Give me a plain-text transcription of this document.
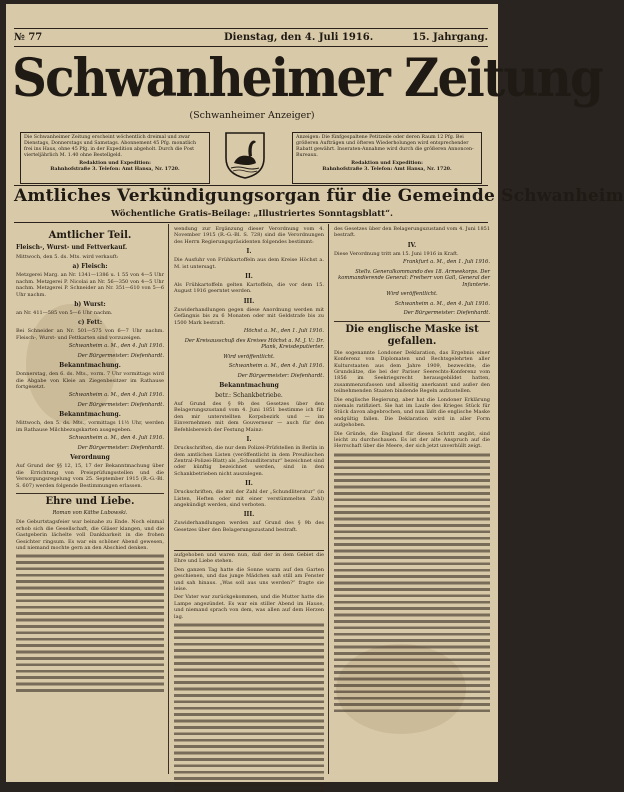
№ 77	Dienstag, den 4. Juli 1916.	15. Jahrgang.
Schwanheimer Zeitung
(Schwanheimer Anzeiger)
Die Schwanheimer Zeitung erscheint wöchentlich dreimal und zwar Dienstags, Donnerstags und Samstags. Abonnement 45 Pfg. monatlich frei ins Haus, ohne 45 Pfg. in der Expedition abgeholt. Durch die Post vierteljährlich M. 1.40 ohne Bestellgeld.
Redaktion und Expedition:
Bahnhofstraße 3. Telefon: Amt Hansa, Nr. 1720.
Anzeigen: Die fünfgespaltene Petitzeile oder deren Raum 12 Pfg. Bei größeren Aufträgen und öfteren Wiederholungen wird entsprechender Rabatt gewährt. Inseraten-Annahme wird durch die größeren Annoncen-Bureaux.
Redaktion und Expedition:
Bahnhofstraße 3. Telefon: Amt Hansa, Nr. 1720.
Amtliches Verkündigungsorgan für die Gemeinde Schwanheim
Wöchentliche Gratis-Beilage: „Illustriertes Sonntagsblatt“.
Amtlicher Teil.
Fleisch-, Wurst- und Fettverkauf.

Mittwoch, den 5. ds. Mts. wird verkauft:

a) Fleisch:

Metzgerei Marg. an Nr. 1341—1386 u. 1 55 von 4—5 Uhr nachm. Metzgerei P. Nicolai an Nr. 56—350 von 4—5 Uhr nachm. Metzgerei P. Schneider an Nr. 351—610 von 5—6 Uhr nachm.

b) Wurst:

an Nr. 411—585 von 5—6 Uhr nachm.

c) Fett:

Bei Schneider an Nr. 501—575 von 6—7 Uhr nachm. Fleisch-, Wurst- und Fettkarten sind vorzuzeigen.

Schwanheim a. M., den 4. Juli 1916.
Der Bürgermeister: Diefenhardt.
Bekanntmachung.

Donnerstag, den 6. ds. Mts., vorm. 7 Uhr vormittags wird die Abgabe von Kleie an Ziegenbesitzer im Rathause fortgesetzt.

Schwanheim a. M., den 4. Juli 1916.
Der Bürgermeister: Diefenhardt.
Bekanntmachung.

Mittwoch, den 5. ds. Mts., vormittags 11½ Uhr, werden im Rathause Milchbezugskarten ausgegeben.

Schwanheim a. M., den 4. Juli 1916.
Der Bürgermeister: Diefenhardt.
Verordnung

Auf Grund der §§ 12, 15, 17 der Bekanntmachung über die Errichtung von Preisprüfungsstellen und die Versorgungsregelung vom 25. September 1915 (R.-G.-Bl. S. 607) werden folgende Bestimmungen erlassen.

Ehre und Liebe.
Roman von Käthe Lubowski.

Die Geburtstagsfeier war beinahe zu Ende. Noch einmal erhob sich die Gesellschaft, die Gläser klangen, und die Gastgeberin lächelte voll Dankbarkeit in die frohen Gesichter ringsum. Es war ein schöner Abend gewesen, und niemand mochte gern an den Abschied denken.

wendung zur Ergänzung dieser Verordnung vom 4. November 1915 (R.-G.-Bl. S. 728) sind die Verordnungen des Herrn Regierungspräsidenten folgendes bestimmt:

I.

Die Ausfuhr von Frühkartoffeln aus dem Kreise Höchst a. M. ist untersagt.

II.

Als Frühkartoffeln gelten Kartoffeln, die vor dem 15. August 1916 geerntet werden.

III.

Zuwiderhandlungen gegen diese Anordnung werden mit Gefängnis bis zu 6 Monaten oder mit Geldstrafe bis zu 1500 Mark bestraft.

Höchst a. M., den 1. Juli 1916.
Der Kreisausschuß des Kreises Höchst a. M. J. V.: Dr. Plank, Kreisdeputierter.
Wird veröffentlicht.
Schwanheim a. M., den 4. Juli 1916.
Der Bürgermeister: Diefenhardt.
Bekanntmachung
betr.: Schankbetriebe.

Auf Grund des § 9b des Gesetzes über den Belagerungszustand vom 4. Juni 1851 bestimme ich für den mir unterstellten Korpsbezirk und — im Einvernehmen mit dem Gouverneur — auch für den Befehlsbereich der Festung Mainz:

I.

Druckschriften, die nur dem Polizei-Prüfstellen in Berlin in dem amtlichen Listen (veröffentlicht in dem Preußischen Zentral-Polizei-Blatt) als „Schundliteratur“ bezeichnet sind oder künftig bezeichnet werden, sind in den Schankbetrieben nicht auszulegen.

II.

Druckschriften, die mit der Zahl der „Schundliteratur“ (in Listen, Heften oder mit einer verstümmelten Zahl) angekündigt werden, sind verboten.

III.

Zuwiderhandlungen werden auf Grund des § 9b des Gesetzes über den Belagerungszustand bestraft.

aufgehoben und waren nun, daß der in dem Gebiet die Ehre und Liebe stehen.

Den ganzen Tag hatte die Sonne warm auf den Garten geschienen, und das junge Mädchen saß still am Fenster und sah hinaus. „Was soll aus uns werden?“ fragte sie leise.

Der Vater war zurückgekommen, und die Mutter hatte die Lampe angezündet. Es war ein stiller Abend im Hause, und niemand sprach von dem, was allen auf dem Herzen lag.

des Gesetzes über den Belagerungszustand vom 4. Juni 1851 bestraft.

IV.

Diese Verordnung tritt am 15. Juni 1916 in Kraft.

Frankfurt a. M., den 1. Juli 1916.
Stellv. Generalkommando des 18. Armeekorps. Der kommandierende General: Freiherr von Gall, General der Infanterie.
Wird veröffentlicht.
Schwanheim a. M., den 4. Juli 1916.
Der Bürgermeister: Diefenhardt.
Die englische Maske ist gefallen.

Die sogenannte Londoner Deklaration, das Ergebnis einer Konferenz von Diplomaten und Rechtsgelehrten aller Kulturstaaten aus dem Jahre 1909, bezweckte, die Grundsätze, die bei der Pariser Seerechts-Konferenz vom 1856 im Seekriegsrecht herausgebildet hatten, zusammenzufassen und allseitig anerkannt und außer den teilnehmenden Staaten bindende Regeln aufzustellen.

Die englische Regierung, aber hat die Londoner Erklärung niemals ratifiziert. Sie hat im Laufe des Krieges Stück für Stück davon abgebrochen, und nun läßt die englische Maske endgültig fallen. Die Deklaration wird in aller Form aufgehoben.

Die Gründe, die England für diesen Schritt angibt, sind leicht zu durchschauen. Es ist der alte Anspruch auf die Herrschaft über die Meere, der sich jetzt unverhüllt zeigt.
